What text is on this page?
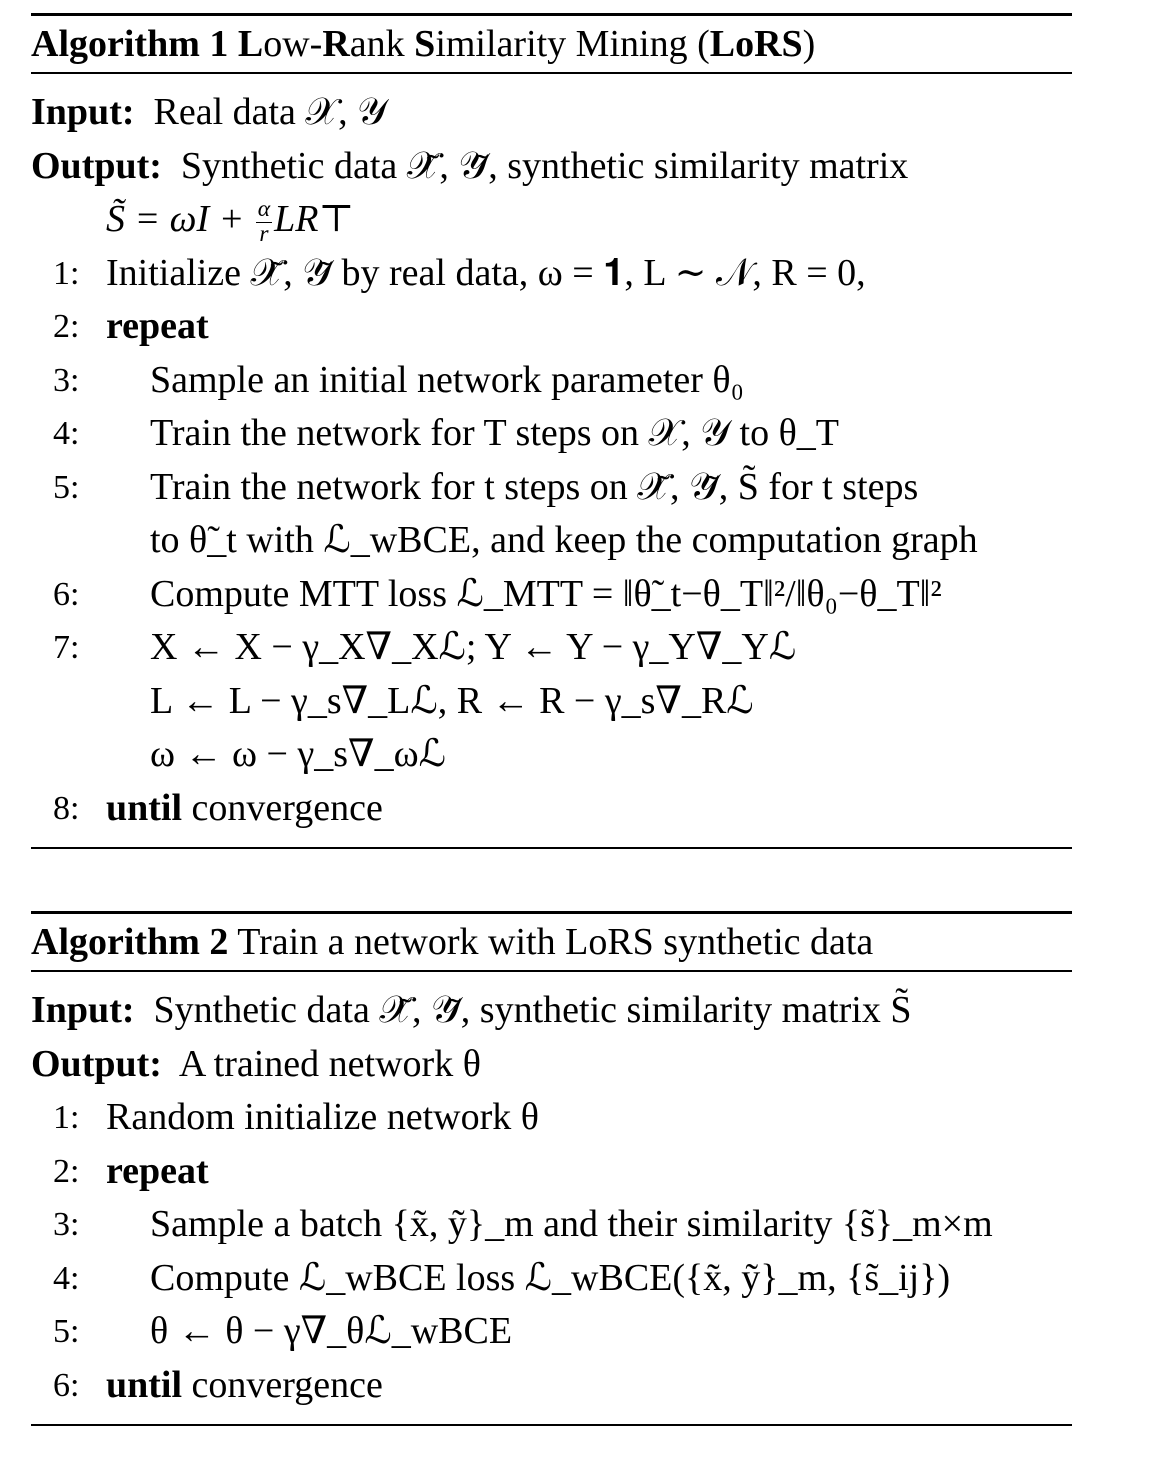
Algorithm 1 Low-Rank Similarity Mining (LoRS)
Input: Real data 𝒳, 𝒴
Output: Synthetic data 𝒳̃, 𝒴̃, synthetic similarity matrix
S̃ = $\omega I + \frac{\alpha}{r}$ LR⊤
1: Initialize 𝒳̃, 𝒴̃ by real data, ω = 𝟏, L ∼ 𝒩, R = 0,
2: repeat
3:	Sample an initial network parameter θ₀
4:	Train the network for T steps on 𝒳, 𝒴 to θ_T
5:	Train the network for t steps on 𝒳̃, 𝒴̃, S̃ for t steps
to θ̃_t with ℒ_wBCE, and keep the computation graph
6:	Compute MTT loss ℒ_MTT = ‖θ̃_t−θ_T‖²/‖θ₀−θ_T‖²
7:	X ← X − γ_X∇_Xℒ; Y ← Y − γ_Y∇_Yℒ
L ← L − γ_s∇_Lℒ, R ← R − γ_s∇_Rℒ
ω ← ω − γ_s∇_ωℒ
8: until convergence
Algorithm 2 Train a network with LoRS synthetic data
Input: Synthetic data 𝒳̃, 𝒴̃, synthetic similarity matrix S̃
Output: A trained network θ
1: Random initialize network θ
2: repeat
3:	Sample a batch {x̃, ỹ}_m and their similarity {s̃}_m×m
4:	Compute ℒ_wBCE loss ℒ_wBCE({x̃, ỹ}_m, {s̃_ij})
5:	θ ← θ − γ∇_θℒ_wBCE
6: until convergence
